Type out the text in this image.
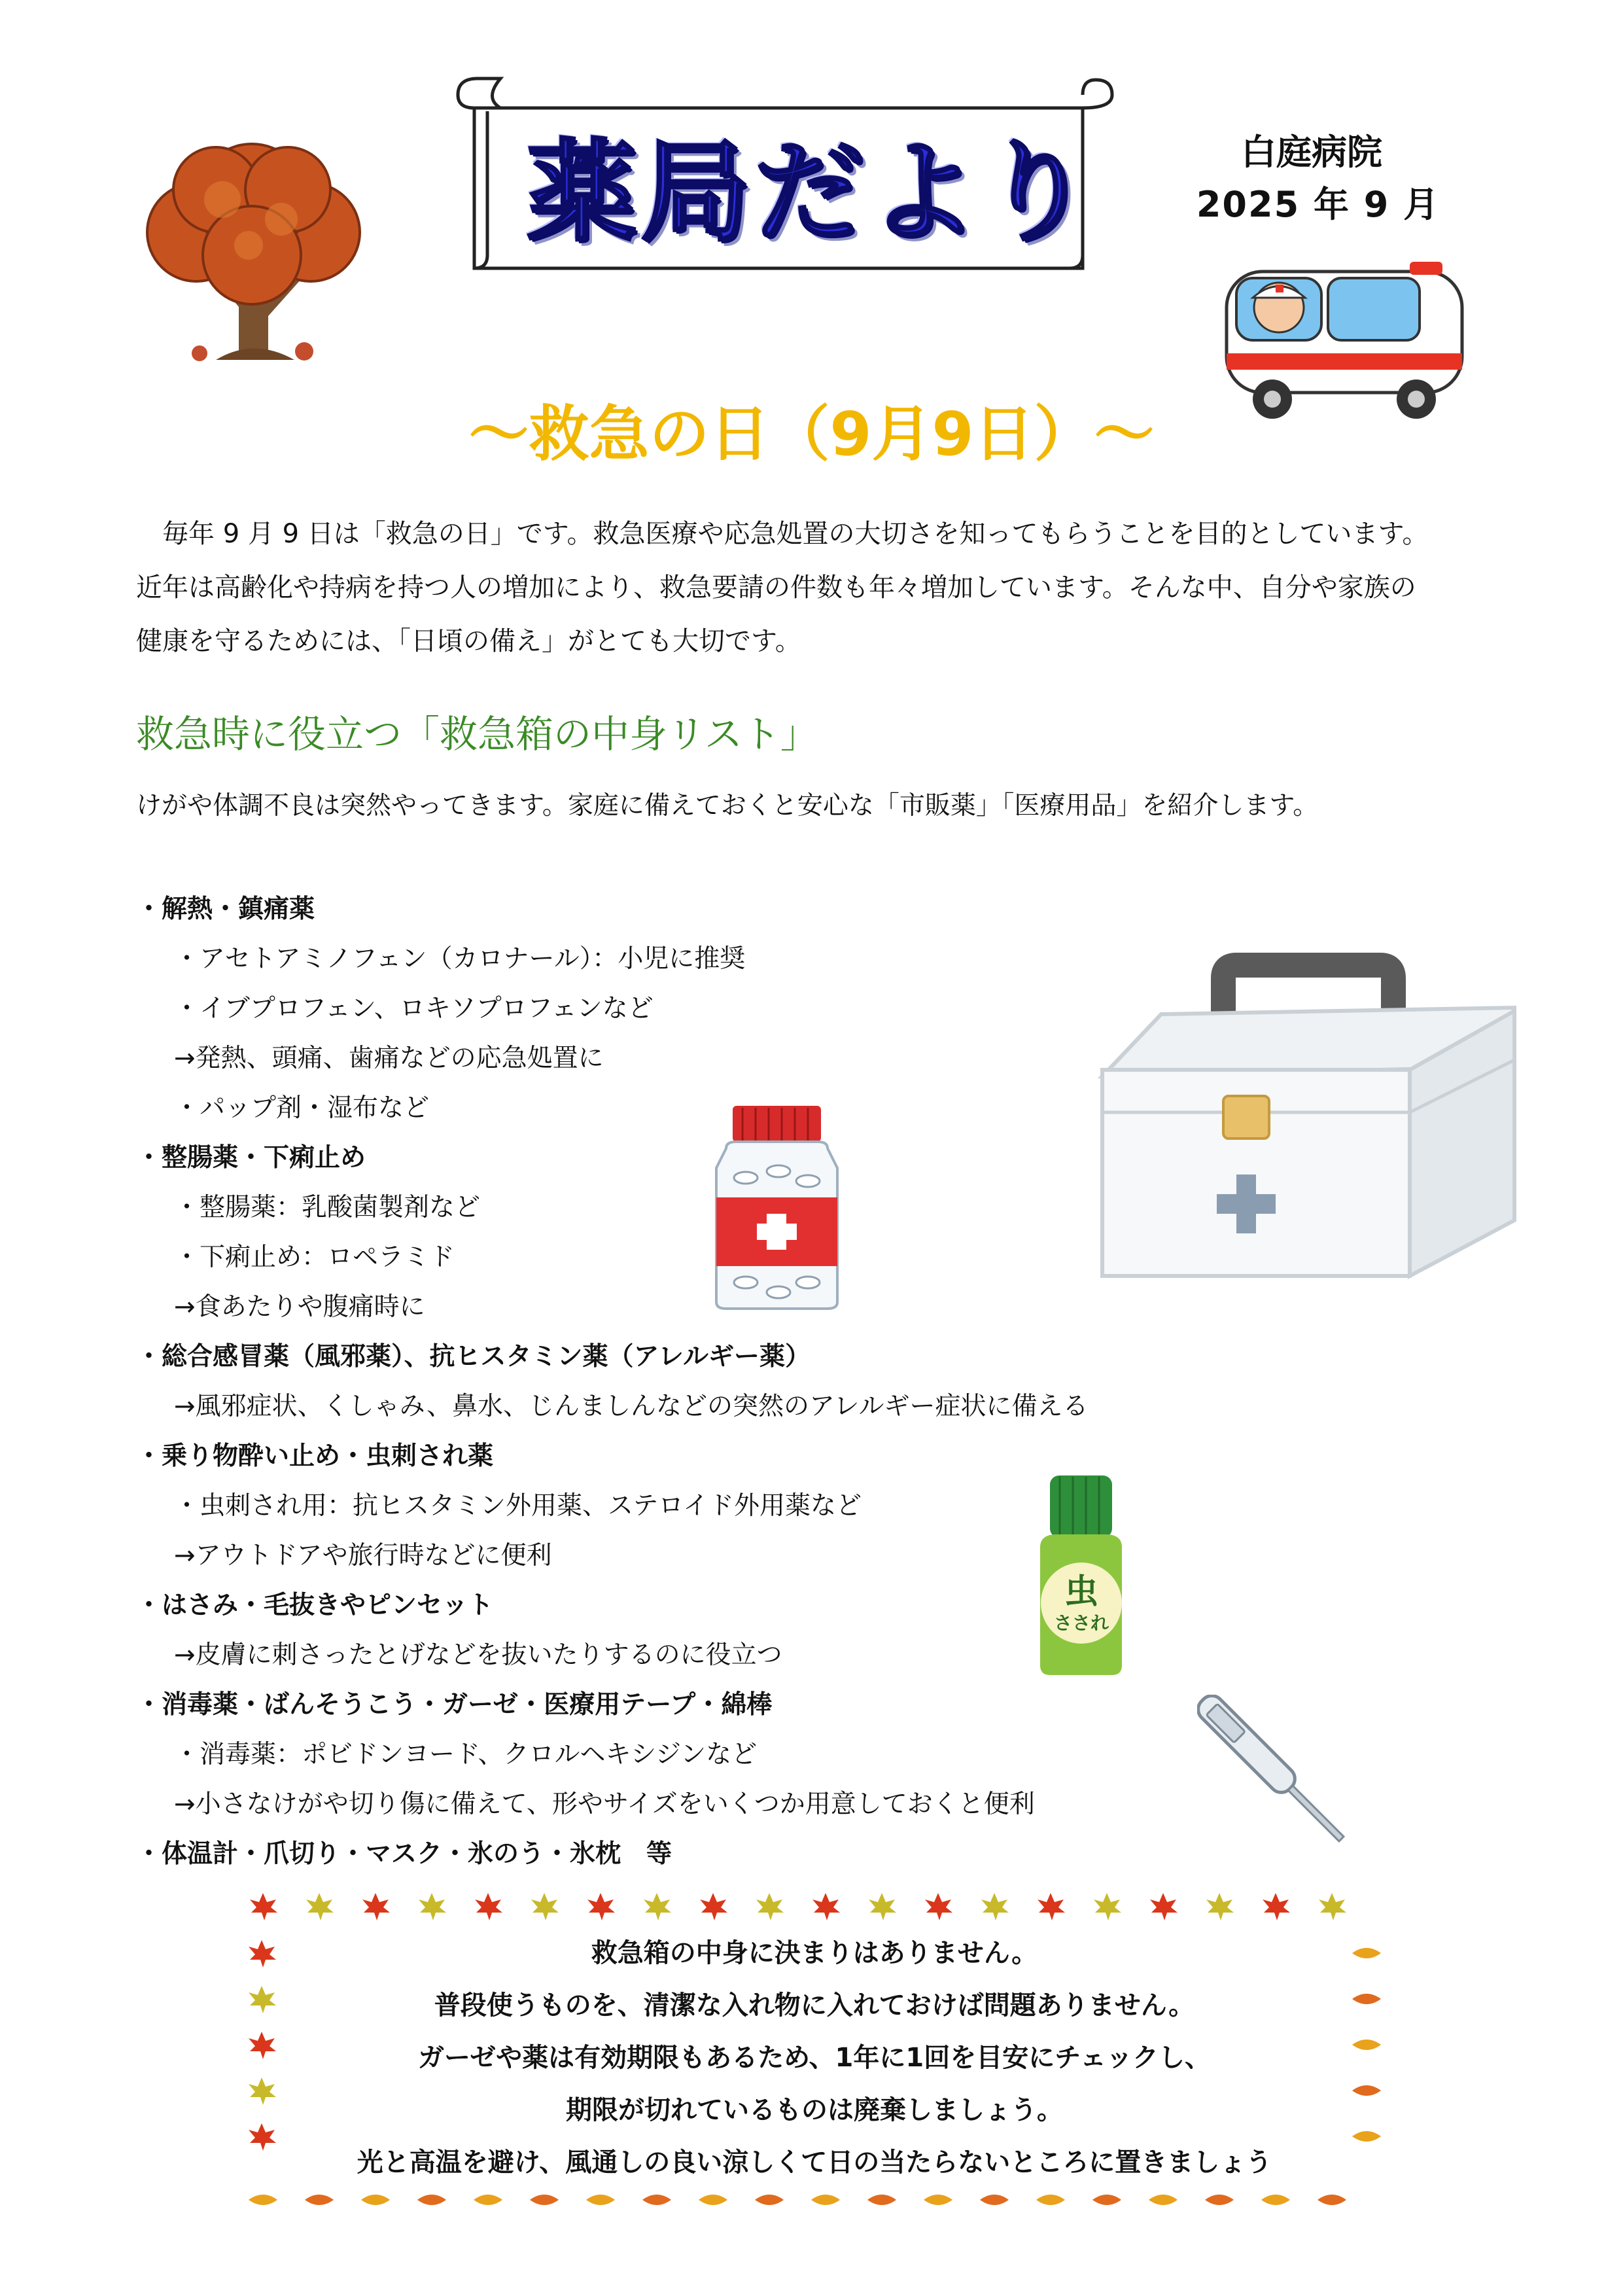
薬局だより	白庭病院
2025 年 9 月
～救急の日（9月9日）～
　毎年 9 月 9 日は「救急の日」です。救急医療や応急処置の大切さを知ってもらうことを目的としています。
近年は高齢化や持病を持つ人の増加により、救急要請の件数も年々増加しています。そんな中、自分や家族の
健康を守るためには、「日頃の備え」がとても大切です。
救急時に役立つ「救急箱の中身リスト」
けがや体調不良は突然やってきます。家庭に備えておくと安心な「市販薬」「医療用品」を紹介します。
・解熱・鎮痛薬
・アセトアミノフェン（カロナール）：小児に推奨
・イブプロフェン、ロキソプロフェンなど
→発熱、頭痛、歯痛などの応急処置に
・パップ剤・湿布など
・整腸薬・下痢止め
・整腸薬：乳酸菌製剤など
・下痢止め：ロペラミド
→食あたりや腹痛時に
・総合感冒薬（風邪薬）、抗ヒスタミン薬（アレルギー薬）
→風邪症状、くしゃみ、鼻水、じんましんなどの突然のアレルギー症状に備える
・乗り物酔い止め・虫刺され薬
・虫刺され用：抗ヒスタミン外用薬、ステロイド外用薬など
→アウトドアや旅行時などに便利
・はさみ・毛抜きやピンセット
→皮膚に刺さったとげなどを抜いたりするのに役立つ
・消毒薬・ばんそうこう・ガーゼ・医療用テープ・綿棒
・消毒薬：ポビドンヨード、クロルヘキシジンなど
→小さなけがや切り傷に備えて、形やサイズをいくつか用意しておくと便利
・体温計・爪切り・マスク・氷のう・氷枕　等
虫
さされ
救急箱の中身に決まりはありません。
普段使うものを、清潔な入れ物に入れておけば問題ありません。
ガーゼや薬は有効期限もあるため、1年に1回を目安にチェックし、
期限が切れているものは廃棄しましょう。
光と高温を避け、風通しの良い涼しくて日の当たらないところに置きましょう
